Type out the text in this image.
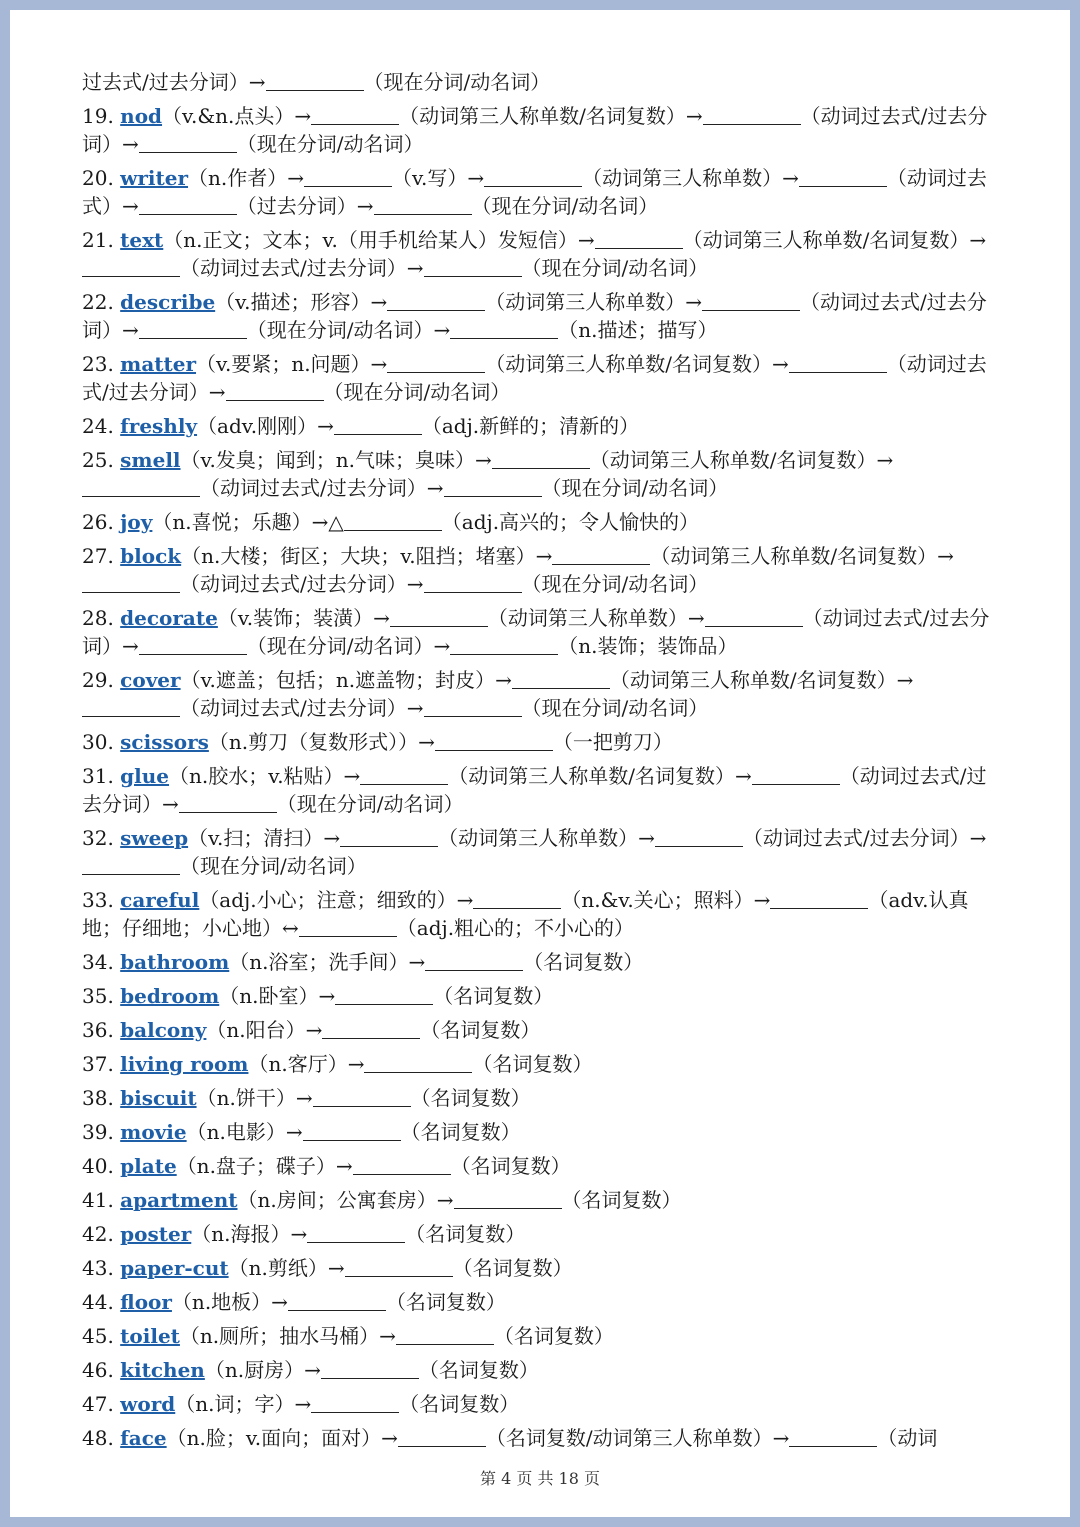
过去式/过去分词）→	（现在分词/动名词）
19. nod（v.&n.点头）→	（动词第三人称单数/名词复数）→	（动词过去式/过去分词）→	（现在分词/动名词）
20. writer（n.作者）→	（v.写）→	（动词第三人称单数）→	（动词过去式）→	（过去分词）→	（现在分词/动名词）
21. text（n.正文；文本；v.（用手机给某人）发短信）→	（动词第三人称单数/名词复数）→（动词过去式/过去分词）→	（现在分词/动名词）
22. describe（v.描述；形容）→	（动词第三人称单数）→	（动词过去式/过去分词）→	（现在分词/动名词）→	（n.描述；描写）
23. matter（v.要紧；n.问题）→	（动词第三人称单数/名词复数）→	（动词过去式/过去分词）→	（现在分词/动名词）
24. freshly（adv.刚刚）→	（adj.新鲜的；清新的）
25. smell（v.发臭；闻到；n.气味；臭味）→	（动词第三人称单数/名词复数）→（动词过去式/过去分词）→	（现在分词/动名词）
26. joy（n.喜悦；乐趣）→△	（adj.高兴的；令人愉快的）
27. block（n.大楼；街区；大块；v.阻挡；堵塞）→	（动词第三人称单数/名词复数）→（动词过去式/过去分词）→	（现在分词/动名词）
28. decorate（v.装饰；装潢）→	（动词第三人称单数）→	（动词过去式/过去分词）→	（现在分词/动名词）→	（n.装饰；装饰品）
29. cover（v.遮盖；包括；n.遮盖物；封皮）→	（动词第三人称单数/名词复数）→（动词过去式/过去分词）→	（现在分词/动名词）
30. scissors（n.剪刀（复数形式））→	（一把剪刀）
31. glue（n.胶水；v.粘贴）→	（动词第三人称单数/名词复数）→	（动词过去式/过去分词）→	（现在分词/动名词）
32. sweep（v.扫；清扫）→	（动词第三人称单数）→	（动词过去式/过去分词）→（现在分词/动名词）
33. careful（adj.小心；注意；细致的）→	（n.&v.关心；照料）→	（adv.认真地；仔细地；小心地）↔	（adj.粗心的；不小心的）
34. bathroom（n.浴室；洗手间）→	（名词复数）
35. bedroom（n.卧室）→	（名词复数）
36. balcony（n.阳台）→	（名词复数）
37. living room（n.客厅）→	（名词复数）
38. biscuit（n.饼干）→	（名词复数）
39. movie（n.电影）→	（名词复数）
40. plate（n.盘子；碟子）→	（名词复数）
41. apartment（n.房间；公寓套房）→	（名词复数）
42. poster（n.海报）→	（名词复数）
43. paper-cut（n.剪纸）→	（名词复数）
44. floor（n.地板）→	（名词复数）
45. toilet（n.厕所；抽水马桶）→	（名词复数）
46. kitchen（n.厨房）→	（名词复数）
47. word（n.词；字）→	（名词复数）
48. face（n.脸；v.面向；面对）→	（名词复数/动词第三人称单数）→	（动词
第 4 页 共 18 页
